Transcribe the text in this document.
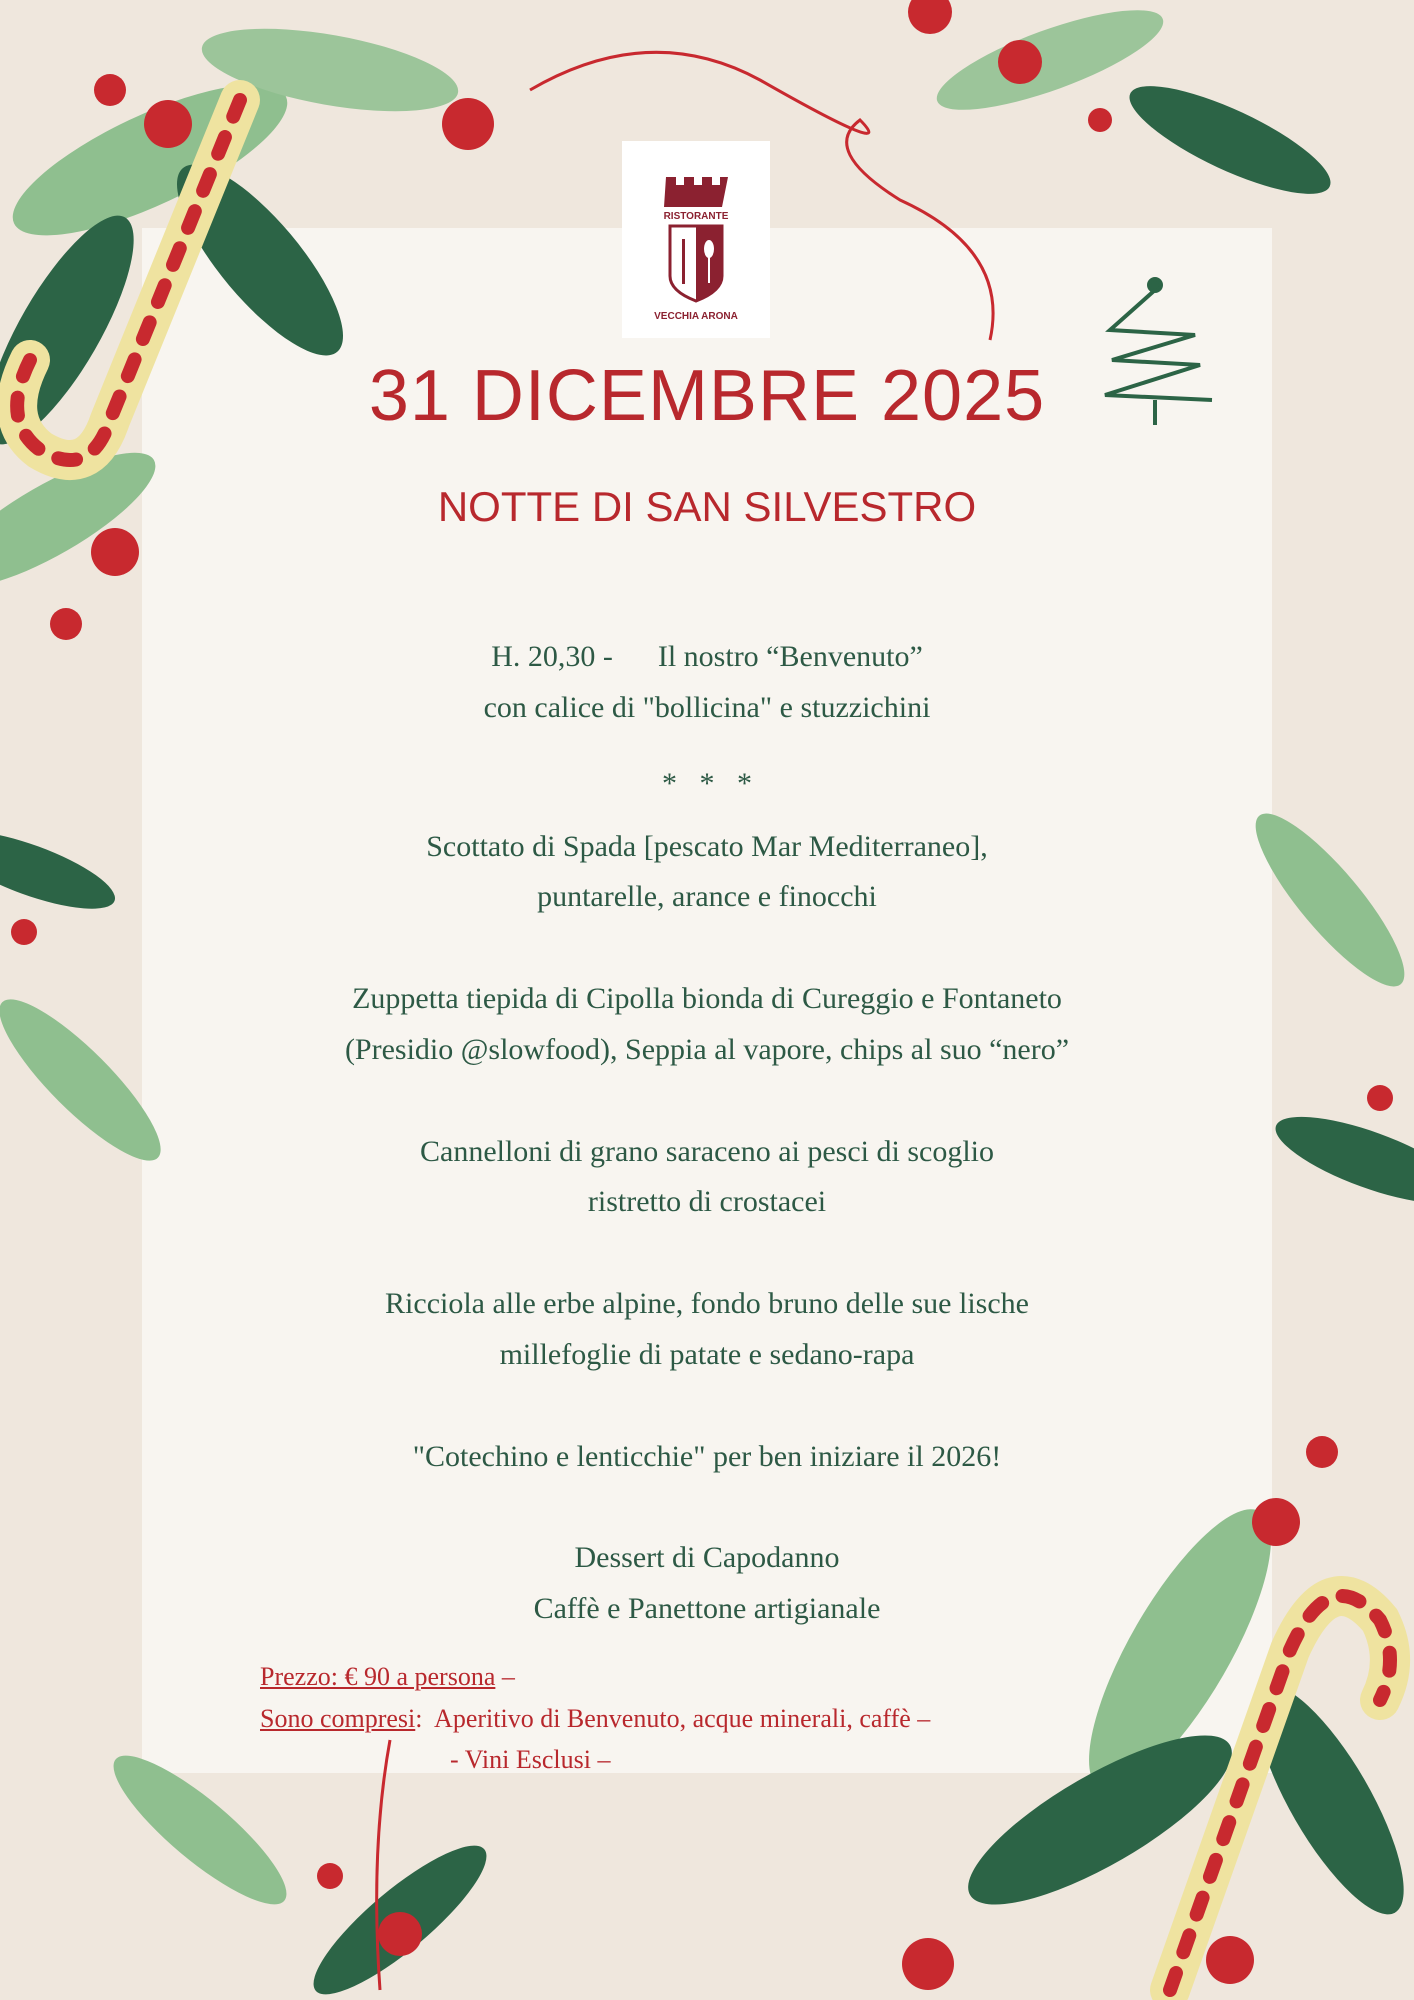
RISTORANTE
VECCHIA ARONA
31 DICEMBRE 2025
NOTTE DI SAN SILVESTRO
H. 20,30 -      Il nostro “Benvenuto”
con calice di "bollicina" e stuzzichini
*   *   *
Scottato di Spada [pescato Mar Mediterraneo],
puntarelle, arance e finocchi
Zuppetta tiepida di Cipolla bionda di Cureggio e Fontaneto
(Presidio @slowfood), Seppia al vapore, chips al suo “nero”
Cannelloni di grano saraceno ai pesci di scoglio
ristretto di crostacei
Ricciola alle erbe alpine, fondo bruno delle sue lische
millefoglie di patate e sedano-rapa
"Cotechino e lenticchie" per ben iniziare il 2026!
Dessert di Capodanno
Caffè e Panettone artigianale
Prezzo: € 90 a persona –
Sono compresi:  Aperitivo di Benvenuto, acque minerali, caffè –
- Vini Esclusi –
